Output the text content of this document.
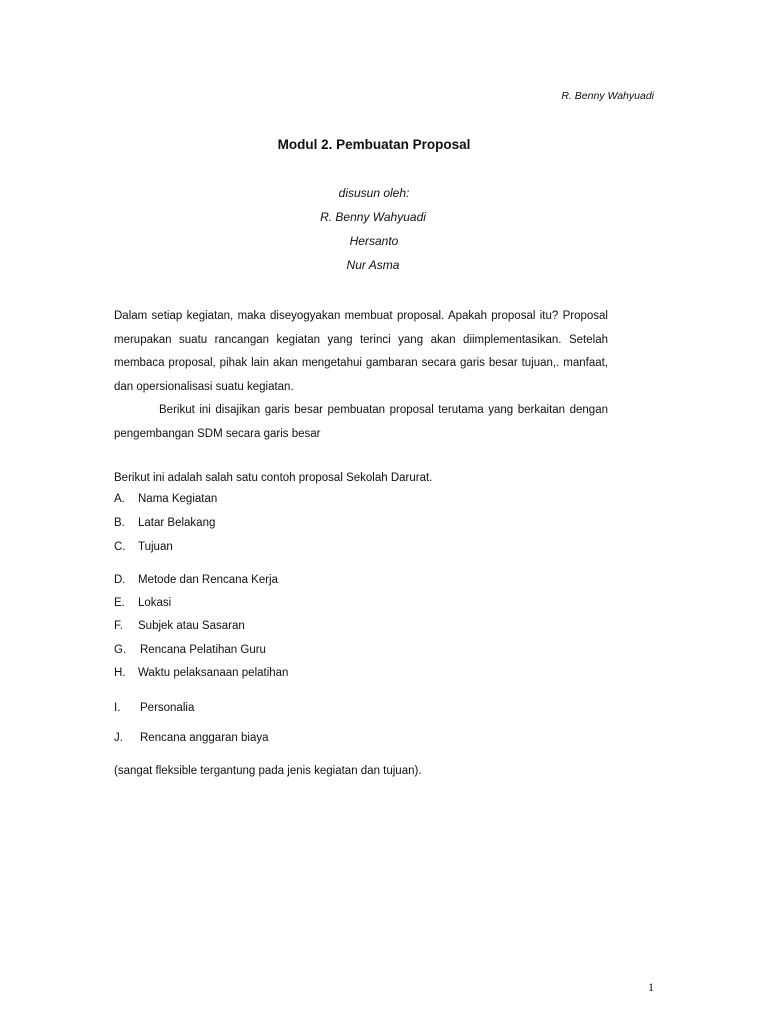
R. Benny Wahyuadi
Modul 2. Pembuatan Proposal
disusun oleh:
R. Benny Wahyuadi
Hersanto
Nur Asma

Dalam setiap kegiatan, maka diseyogyakan membuat proposal. Apakah proposal itu? Proposal merupakan suatu rancangan kegiatan yang terinci yang akan diimplementasikan. Setelah membaca proposal, pihak lain akan mengetahui gambaran secara garis besar tujuan,. manfaat, dan opersionalisasi suatu kegiatan.

Berikut ini disajikan garis besar pembuatan proposal terutama yang berkaitan dengan pengembangan SDM secara garis besar

Berikut ini adalah salah satu contoh proposal Sekolah Darurat.
A. Nama Kegiatan
B. Latar Belakang
C. Tujuan
D. Metode dan Rencana Kerja
E. Lokasi
F. Subjek atau Sasaran
G. Rencana Pelatihan Guru
H. Waktu pelaksanaan pelatihan
I. Personalia
J. Rencana anggaran biaya
(sangat fleksible tergantung pada jenis kegiatan dan tujuan).
1
